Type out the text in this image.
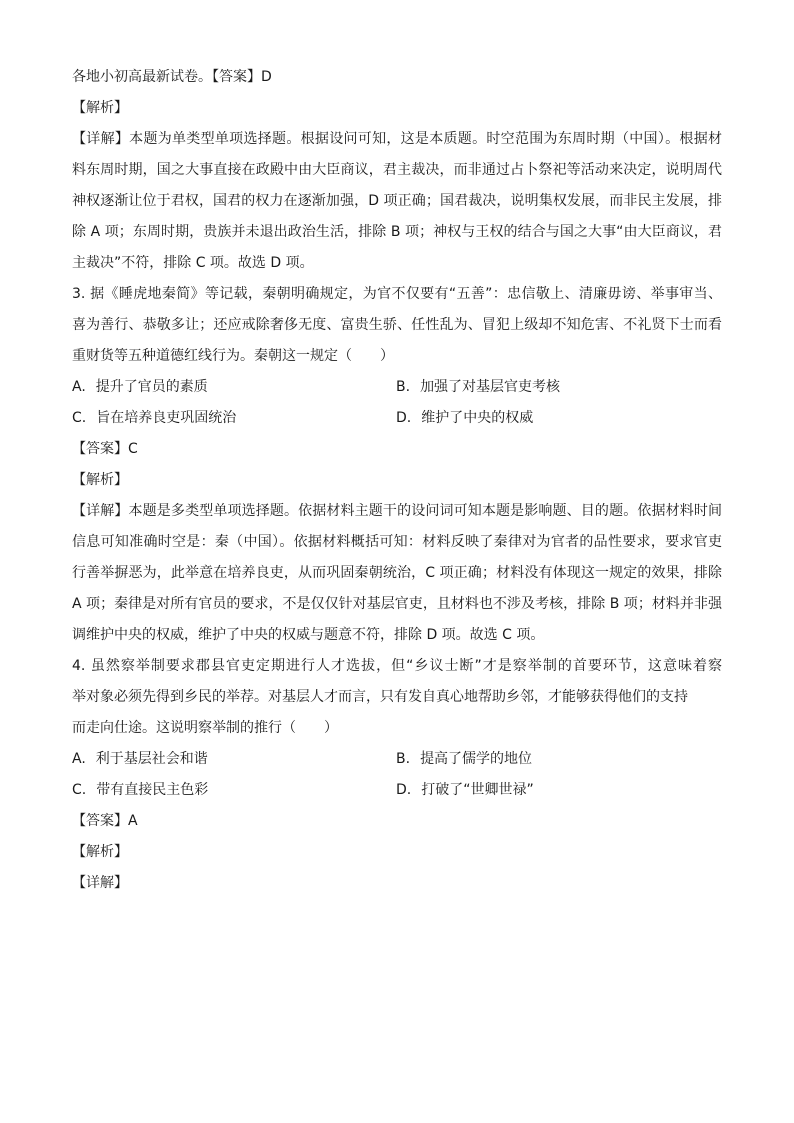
各地小初高最新试卷。【答案】D
【解析】
【详解】本题为单类型单项选择题。根据设问可知，这是本质题。时空范围为东周时期（中国）。根据材
料东周时期，国之大事直接在政殿中由大臣商议，君主裁决，而非通过占卜祭祀等活动来决定，说明周代
神权逐渐让位于君权，国君的权力在逐渐加强，D 项正确；国君裁决，说明集权发展，而非民主发展，排
除 A 项；东周时期，贵族并未退出政治生活，排除 B 项；神权与王权的结合与国之大事“由大臣商议，君
主裁决”不符，排除 C 项。故选 D 项。
3. 据《睡虎地秦简》等记载，秦朝明确规定，为官不仅要有“五善”：忠信敬上、清廉毋谤、举事审当、
喜为善行、恭敬多让；还应戒除奢侈无度、富贵生骄、任性乱为、冒犯上级却不知危害、不礼贤下士而看
重财货等五种道德红线行为。秦朝这一规定（　　）
A. 提升了官员的素质	B. 加强了对基层官吏考核
C. 旨在培养良吏巩固统治	D. 维护了中央的权威
【答案】C
【解析】
【详解】本题是多类型单项选择题。依据材料主题干的设问词可知本题是影响题、目的题。依据材料时间
信息可知准确时空是：秦（中国）。依据材料概括可知：材料反映了秦律对为官者的品性要求，要求官吏
行善举摒恶为，此举意在培养良吏，从而巩固秦朝统治，C 项正确；材料没有体现这一规定的效果，排除
A 项；秦律是对所有官员的要求，不是仅仅针对基层官吏，且材料也不涉及考核，排除 B 项；材料并非强
调维护中央的权威，维护了中央的权威与题意不符，排除 D 项。故选 C 项。
4. 虽然察举制要求郡县官吏定期进行人才选拔，但“乡议士断”才是察举制的首要环节，这意味着察
举对象必须先得到乡民的举荐。对基层人才而言，只有发自真心地帮助乡邻，才能够获得他们的支持
而走向仕途。这说明察举制的推行（　　）
A. 利于基层社会和谐	B. 提高了儒学的地位
C. 带有直接民主色彩	D. 打破了“世卿世禄”
【答案】A
【解析】
【详解】
